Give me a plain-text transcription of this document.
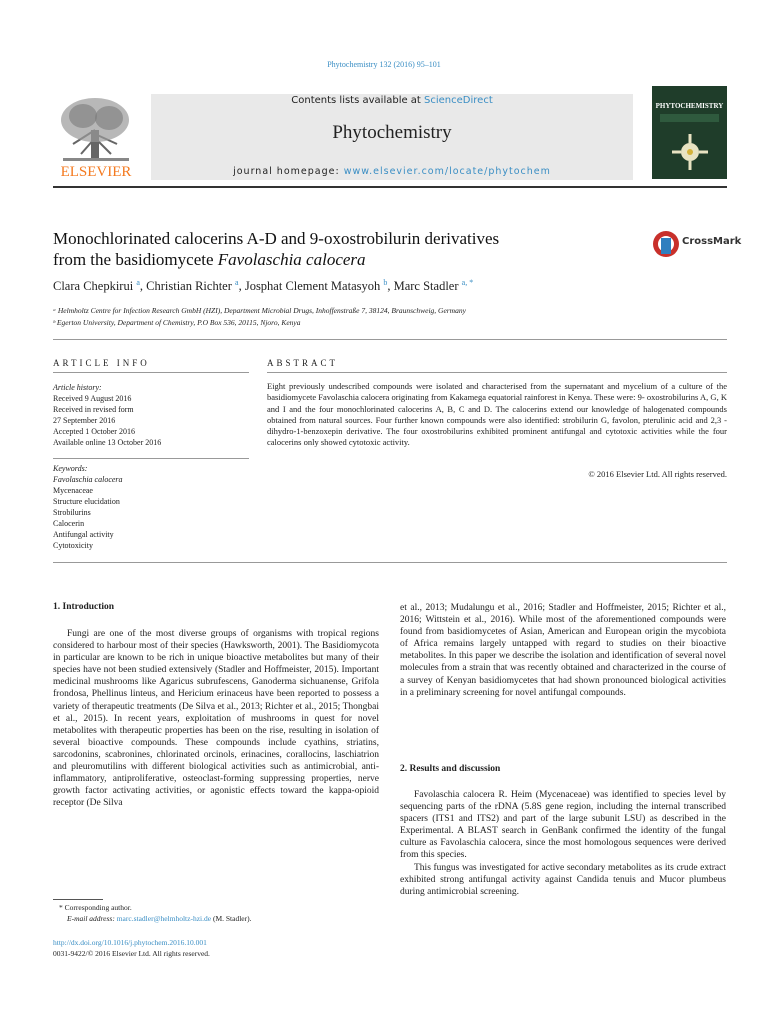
Phytochemistry 132 (2016) 95–101
Contents lists available at ScienceDirect
Phytochemistry
journal homepage: www.elsevier.com/locate/phytochem
ELSEVIER
PHYTOCHEMISTRY
Monochlorinated calocerins A-D and 9-oxostrobilurin derivatives
from the basidiomycete Favolaschia calocera
CrossMark
Clara Chepkirui $^a$, Christian Richter $^a$, Josphat Clement Matasyoh $^b$, Marc Stadler $^{a, *}$
ᵃ Helmholtz Centre for Infection Research GmbH (HZI), Department Microbial Drugs, Inhoffenstraße 7, 38124, Braunschweig, Germany
ᵇ Egerton University, Department of Chemistry, P.O Box 536, 20115, Njoro, Kenya
ARTICLE INFO	ABSTRACT
Article history:
Received 9 August 2016
Received in revised form
27 September 2016
Accepted 1 October 2016
Available online 13 October 2016
Keywords:
Favolaschia calocera
Mycenaceae
Structure elucidation
Strobilurins
Calocerin
Antifungal activity
Cytotoxicity
Eight previously undescribed compounds were isolated and characterised from the supernatant and mycelium of a culture of the basidiomycete Favolaschia calocera originating from Kakamega equatorial rainforest in Kenya. These were: 9- oxostrobilurins A, G, K and I and the four monochlorinated calocerins A, B, C and D. The calocerins extend our knowledge of halogenated compounds obtained from natural sources. Four further known compounds were also identified: strobilurin G, favolon, pterulinic acid and 2,3 -dihydro-1-benzoxepin derivative. The four oxostrobilurins exhibited prominent antifungal and cytotoxic activities while the four calocerins only showed cytotoxic activity.
© 2016 Elsevier Ltd. All rights reserved.
1. Introduction
Fungi are one of the most diverse groups of organisms with tropical regions considered to harbour most of their species (Hawksworth, 2001). The Basidiomycota in particular are known to be rich in unique bioactive metabolites but many of their species have not been studied extensively (Stadler and Hoffmeister, 2015). Important medicinal mushrooms like Agaricus subrufescens, Ganoderma sichuanense, Grifola frondosa, Phellinus linteus, and Hericium erinaceus have been reported to possess a variety of therapeutic treatments (De Silva et al., 2013; Richter et al., 2015; Thongbai et al., 2015). In recent years, exploitation of mushrooms in quest for novel metabolites with therapeutic properties has been on the rise, resulting in isolation of several bioactive compounds. These compounds include cyathins, striatins, sarcodonins, scabronines, chlorinated orcinols, erinacines, corallocins, laschiatrion and pleuromutilins with different biological activities such as antimicrobial, anti-inflammatory, antiproliferative, osteoclast-forming suppressing properties, nerve growth factor activating activities, or agonistic effects toward the kappa-opioid receptor (De Silva
et al., 2013; Mudalungu et al., 2016; Stadler and Hoffmeister, 2015; Richter et al., 2016; Wittstein et al., 2016). While most of the aforementioned compounds were found from basidiomycetes of Asian, American and European origin the mycobiota of Africa remains largely untapped with regard to studies on their bioactive metabolites. In this paper we describe the isolation and identification of several novel molecules from a strain that was recently obtained and characterized in the course of a survey of Kenyan basidiomycetes that had shown pronounced biological activities in a preliminary screening for novel antifungal compounds.
2. Results and discussion
Favolaschia calocera R. Heim (Mycenaceae) was identified to species level by sequencing parts of the rDNA (5.8S gene region, including the internal transcribed spacers (ITS1 and ITS2) and part of the large subunit LSU) as described in the Experimental. A BLAST search in GenBank confirmed the identity of the fungal culture as Favolaschia calocera, since the most homologous sequences were derived from this species.
This fungus was investigated for active secondary metabolites as its crude extract exhibited strong antifungal activity against Candida tenuis and Mucor plumbeus during antimicrobial screening.
* Corresponding author.
E-mail address: marc.stadler@helmholtz-hzi.de (M. Stadler).
http://dx.doi.org/10.1016/j.phytochem.2016.10.001
0031-9422/© 2016 Elsevier Ltd. All rights reserved.
